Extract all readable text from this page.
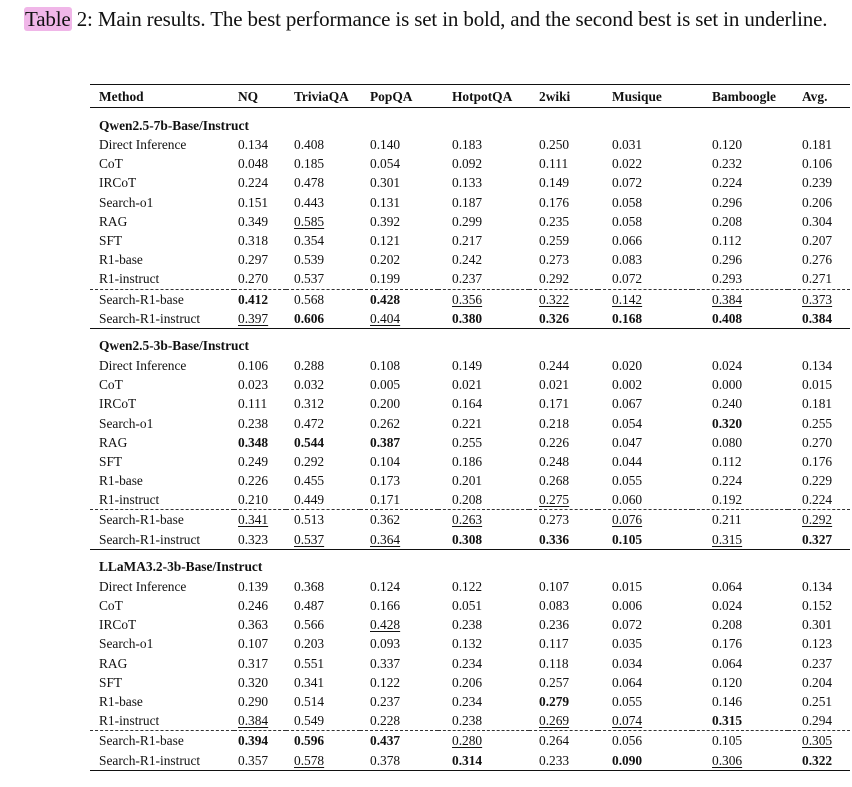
Table 2: Main results. The best performance is set in bold, and the second best is set in underline.
Method	NQ	TriviaQA	PopQA	HotpotQA	2wiki	Musique	Bamboogle	Avg.
Qwen2.5-7b-Base/Instruct								
Direct Inference	0.134	0.408	0.140	0.183	0.250	0.031	0.120	0.181
CoT	0.048	0.185	0.054	0.092	0.111	0.022	0.232	0.106
IRCoT	0.224	0.478	0.301	0.133	0.149	0.072	0.224	0.239
Search-o1	0.151	0.443	0.131	0.187	0.176	0.058	0.296	0.206
RAG	0.349	0.585	0.392	0.299	0.235	0.058	0.208	0.304
SFT	0.318	0.354	0.121	0.217	0.259	0.066	0.112	0.207
R1-base	0.297	0.539	0.202	0.242	0.273	0.083	0.296	0.276
R1-instruct	0.270	0.537	0.199	0.237	0.292	0.072	0.293	0.271
Search-R1-base	0.412	0.568	0.428	0.356	0.322	0.142	0.384	0.373
Search-R1-instruct	0.397	0.606	0.404	0.380	0.326	0.168	0.408	0.384
Qwen2.5-3b-Base/Instruct								
Direct Inference	0.106	0.288	0.108	0.149	0.244	0.020	0.024	0.134
CoT	0.023	0.032	0.005	0.021	0.021	0.002	0.000	0.015
IRCoT	0.111	0.312	0.200	0.164	0.171	0.067	0.240	0.181
Search-o1	0.238	0.472	0.262	0.221	0.218	0.054	0.320	0.255
RAG	0.348	0.544	0.387	0.255	0.226	0.047	0.080	0.270
SFT	0.249	0.292	0.104	0.186	0.248	0.044	0.112	0.176
R1-base	0.226	0.455	0.173	0.201	0.268	0.055	0.224	0.229
R1-instruct	0.210	0.449	0.171	0.208	0.275	0.060	0.192	0.224
Search-R1-base	0.341	0.513	0.362	0.263	0.273	0.076	0.211	0.292
Search-R1-instruct	0.323	0.537	0.364	0.308	0.336	0.105	0.315	0.327
LLaMA3.2-3b-Base/Instruct								
Direct Inference	0.139	0.368	0.124	0.122	0.107	0.015	0.064	0.134
CoT	0.246	0.487	0.166	0.051	0.083	0.006	0.024	0.152
IRCoT	0.363	0.566	0.428	0.238	0.236	0.072	0.208	0.301
Search-o1	0.107	0.203	0.093	0.132	0.117	0.035	0.176	0.123
RAG	0.317	0.551	0.337	0.234	0.118	0.034	0.064	0.237
SFT	0.320	0.341	0.122	0.206	0.257	0.064	0.120	0.204
R1-base	0.290	0.514	0.237	0.234	0.279	0.055	0.146	0.251
R1-instruct	0.384	0.549	0.228	0.238	0.269	0.074	0.315	0.294
Search-R1-base	0.394	0.596	0.437	0.280	0.264	0.056	0.105	0.305
Search-R1-instruct	0.357	0.578	0.378	0.314	0.233	0.090	0.306	0.322
